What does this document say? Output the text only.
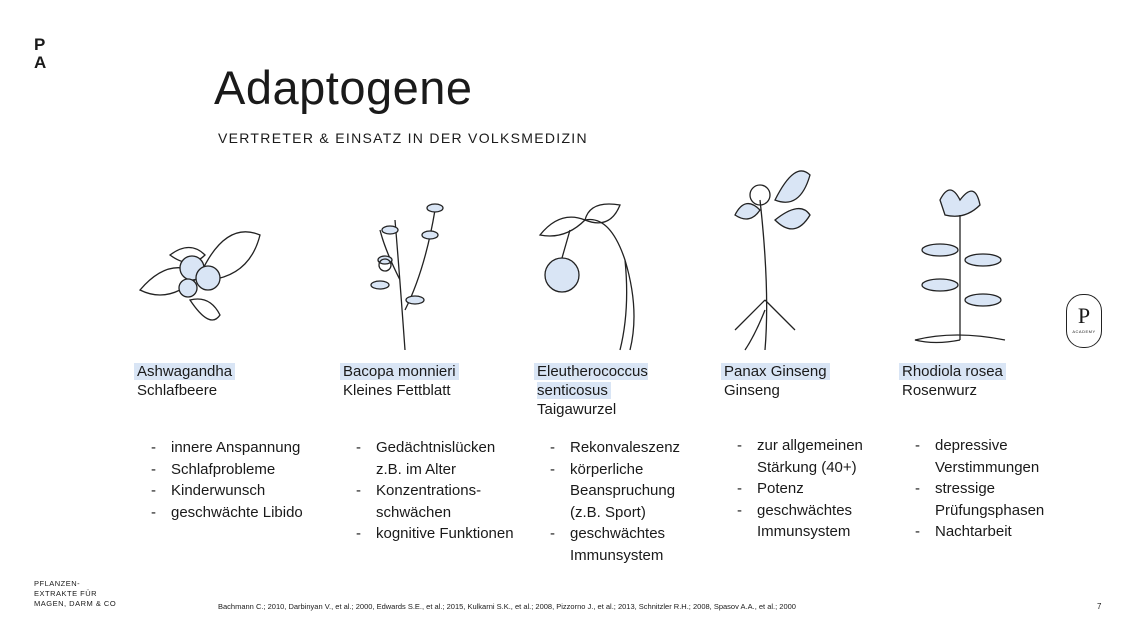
P
A	Adaptogene
VERTRETER & EINSATZ IN DER VOLKSMEDIZIN
Ashwagandha
Schlafbeere
Bacopa monnieri
Kleines Fettblatt
Eleutherococcus senticosus
Taigawurzel
Panax Ginseng
Ginseng
Rhodiola rosea
Rosenwurz
- innere Anspannung
- Schlafprobleme
- Kinderwunsch
- geschwächte Libido
- Gedächtnislücken z.B. im Alter
- Konzentrations-schwächen
- kognitive Funktionen
- Rekonvaleszenz
- körperliche Beanspruchung (z.B. Sport)
- geschwächtes Immunsystem
- zur allgemeinen Stärkung (40+)
- Potenz
- geschwächtes Immunsystem
- depressive Verstimmungen
- stressige Prüfungsphasen
- Nachtarbeit
P
ACADEMY
PFLANZEN-
EXTRAKTE FÜR
MAGEN, DARM & CO	Bachmann C.; 2010, Darbinyan V., et al.; 2000, Edwards S.E., et al.; 2015, Kulkarni S.K., et al.; 2008, Pizzorno J., et al.; 2013, Schnitzler R.H.; 2008, Spasov A.A., et al.; 2000	7
